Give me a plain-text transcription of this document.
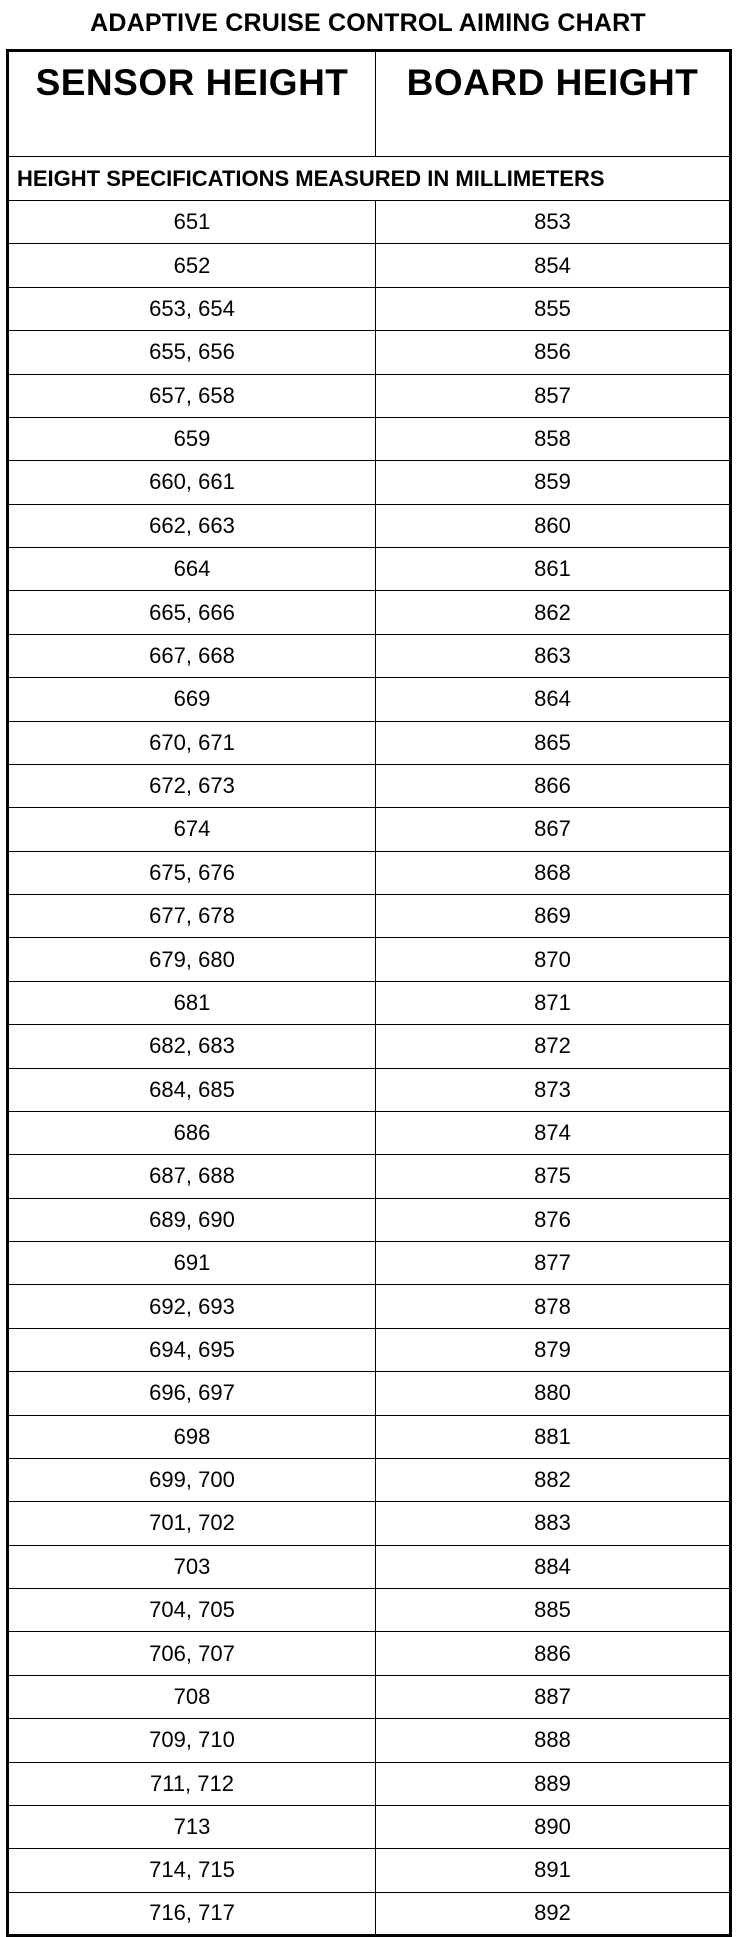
ADAPTIVE CRUISE CONTROL AIMING CHART
SENSOR HEIGHT	BOARD HEIGHT
HEIGHT SPECIFICATIONS MEASURED IN MILLIMETERS	
651	853
652	854
653, 654	855
655, 656	856
657, 658	857
659	858
660, 661	859
662, 663	860
664	861
665, 666	862
667, 668	863
669	864
670, 671	865
672, 673	866
674	867
675, 676	868
677, 678	869
679, 680	870
681	871
682, 683	872
684, 685	873
686	874
687, 688	875
689, 690	876
691	877
692, 693	878
694, 695	879
696, 697	880
698	881
699, 700	882
701, 702	883
703	884
704, 705	885
706, 707	886
708	887
709, 710	888
711, 712	889
713	890
714, 715	891
716, 717	892
